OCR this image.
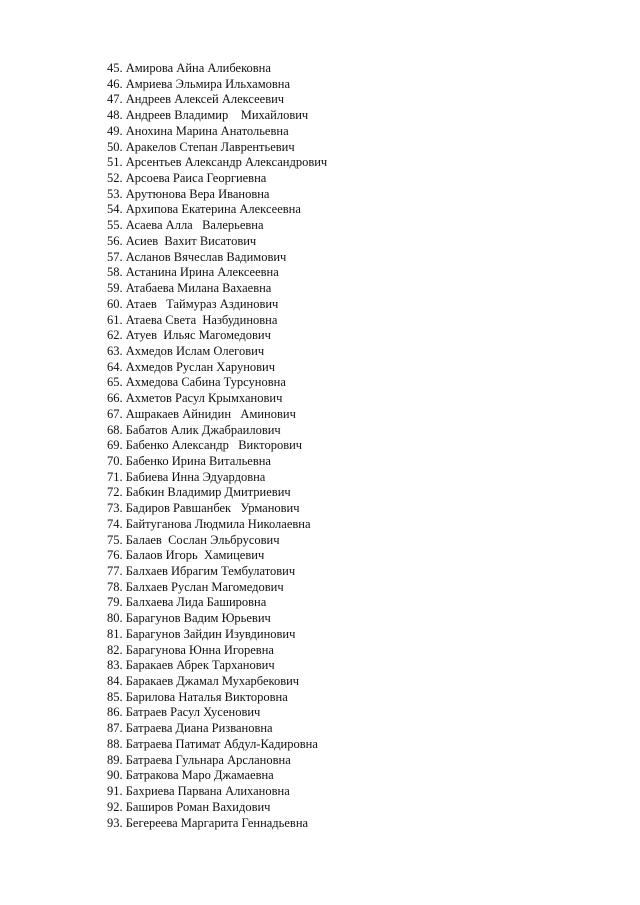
45. Амирова Айна Алибековна
46. Амриева Эльмира Ильхамовна
47. Андреев Алексей Алексеевич
48. Андреев Владимир    Михайлович
49. Анохина Марина Анатольевна
50. Аракелов Степан Лаврентьевич
51. Арсентьев Александр Александрович
52. Арсоева Раиса Георгиевна
53. Арутюнова Вера Ивановна
54. Архипова Екатерина Алексеевна
55. Асаева Алла   Валерьевна
56. Асиев  Вахит Висатович
57. Асланов Вячеслав Вадимович
58. Астанина Ирина Алексеевна
59. Атабаева Милана Вахаевна
60. Атаев   Таймураз Аздинович
61. Атаева Света  Назбудиновна
62. Атуев  Ильяс Магомедович
63. Ахмедов Ислам Олегович
64. Ахмедов Руслан Харунович
65. Ахмедова Сабина Турсуновна
66. Ахметов Расул Крымханович
67. Ашракаев Айнидин   Аминович
68. Бабатов Алик Джабраилович
69. Бабенко Александр   Викторович
70. Бабенко Ирина Витальевна
71. Бабиева Инна Эдуардовна
72. Бабкин Владимир Дмитриевич
73. Бадиров Равшанбек   Урманович
74. Байтуганова Людмила Николаевна
75. Балаев  Сослан Эльбрусович
76. Балаов Игорь  Хамицевич
77. Балхаев Ибрагим Тембулатович
78. Балхаев Руслан Магомедович
79. Балхаева Лида Башировна
80. Барагунов Вадим Юрьевич
81. Барагунов Зайдин Изувдинович
82. Барагунова Юнна Игоревна
83. Баракаев Абрек Тарханович
84. Баракаев Джамал Мухарбекович
85. Барилова Наталья Викторовна
86. Батраев Расул Хусенович
87. Батраева Диана Ризвановна
88. Батраева Патимат Абдул-Кадировна
89. Батраева Гульнара Арслановна
90. Батракова Маро Джамаевна
91. Бахриева Парвана Алихановна
92. Баширов Роман Вахидович
93. Бегереева Маргарита Геннадьевна
